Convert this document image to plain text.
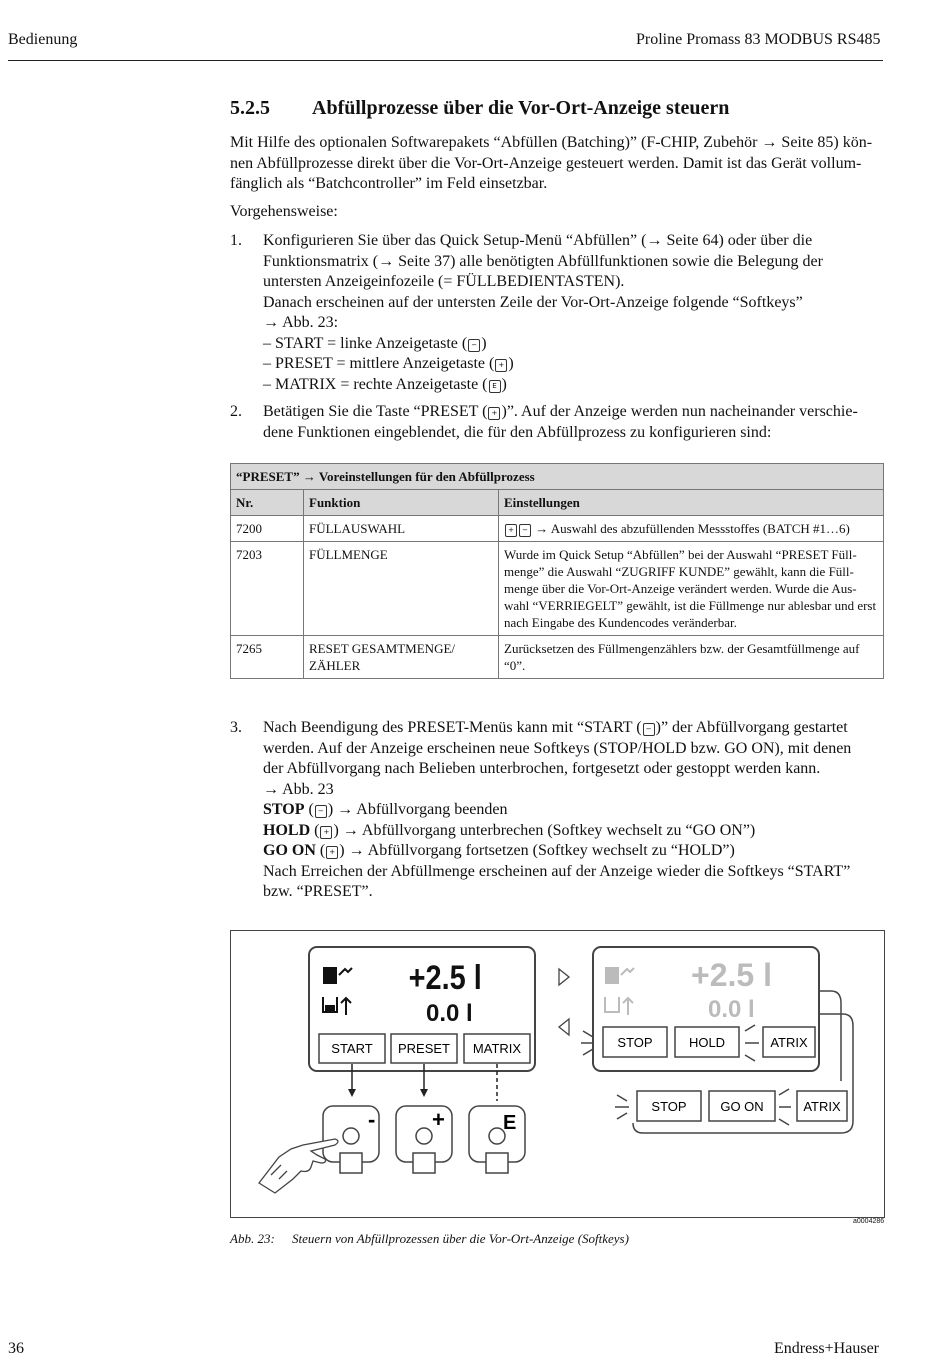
Bedienung	Proline Promass 83 MODBUS RS485
5.2.5 Abfüllprozesse über die Vor-Ort-Anzeige steuern

Mit Hilfe des optionalen Softwarepakets “Abfüllen (Batching)” (F-CHIP, Zubehör → Seite 85) kön-

nen Abfüllprozesse direkt über die Vor-Ort-Anzeige gesteuert werden. Damit ist das Gerät vollum-

fänglich als “Batchcontroller” im Feld einsetzbar.

Vorgehensweise:

1. Konfigurieren Sie über das Quick Setup-Menü “Abfüllen” (→ Seite 64) oder über die

Funktionsmatrix (→ Seite 37) alle benötigten Abfüllfunktionen sowie die Belegung der

untersten Anzeigeinfozeile (= FÜLLBEDIENTASTEN).

Danach erscheinen auf der untersten Zeile der Vor-Ort-Anzeige folgende “Softkeys”

→ Abb. 23:

– START = linke Anzeigetaste ( − )

– PRESET = mittlere Anzeigetaste ( + )

– MATRIX = rechte Anzeigetaste ( E )

2. Betätigen Sie die Taste “PRESET ( + )”. Auf der Anzeige werden nun nacheinander verschie-

dene Funktionen eingeblendet, die für den Abfüllprozess zu konfigurieren sind:

“PRESET” → Voreinstellungen für den Abfüllprozess		
Nr.	Funktion	Einstellungen
7200	FÜLLAUSWAHL	+ − → Auswahl des abzufüllenden Messstoffes (BATCH #1…6)
7203	FÜLLMENGE	Wurde im Quick Setup “Abfüllen” bei der Auswahl “PRESET Füll-menge” die Auswahl “ZUGRIFF KUNDE” gewählt, kann die Füll-menge über die Vor-Ort-Anzeige verändert werden. Wurde die Aus-wahl “VERRIEGELT” gewählt, ist die Füllmenge nur ablesbar und erst nach Eingabe des Kundencodes veränderbar.
7265	RESET GESAMTMENGE/ ZÄHLER	Zurücksetzen des Füllmengenzählers bzw. der Gesamtfüllmenge auf “0”.
3. Nach Beendigung des PRESET-Menüs kann mit “START ( − )” der Abfüllvorgang gestartet

werden. Auf der Anzeige erscheinen neue Softkeys (STOP/HOLD bzw. GO ON), mit denen

der Abfüllvorgang nach Belieben unterbrochen, fortgesetzt oder gestoppt werden kann.

→ Abb. 23

STOP ( − ) → Abfüllvorgang beenden

HOLD ( + ) → Abfüllvorgang unterbrechen (Softkey wechselt zu “GO ON”)

GO ON ( + ) → Abfüllvorgang fortsetzen (Softkey wechselt zu “HOLD”)

Nach Erreichen der Abfüllmenge erscheinen auf der Anzeige wieder die Softkeys “START”

bzw. “PRESET”.

+2.5 l
0.0 l
START PRESET MATRIX
-	+	E
+2.5 l
0.0 l
STOP	HOLD	ATRIX
STOP	GO ON	ATRIX
a0004286
Abb. 23: Steuern von Abfüllprozessen über die Vor-Ort-Anzeige (Softkeys)
36	Endress+Hauser
